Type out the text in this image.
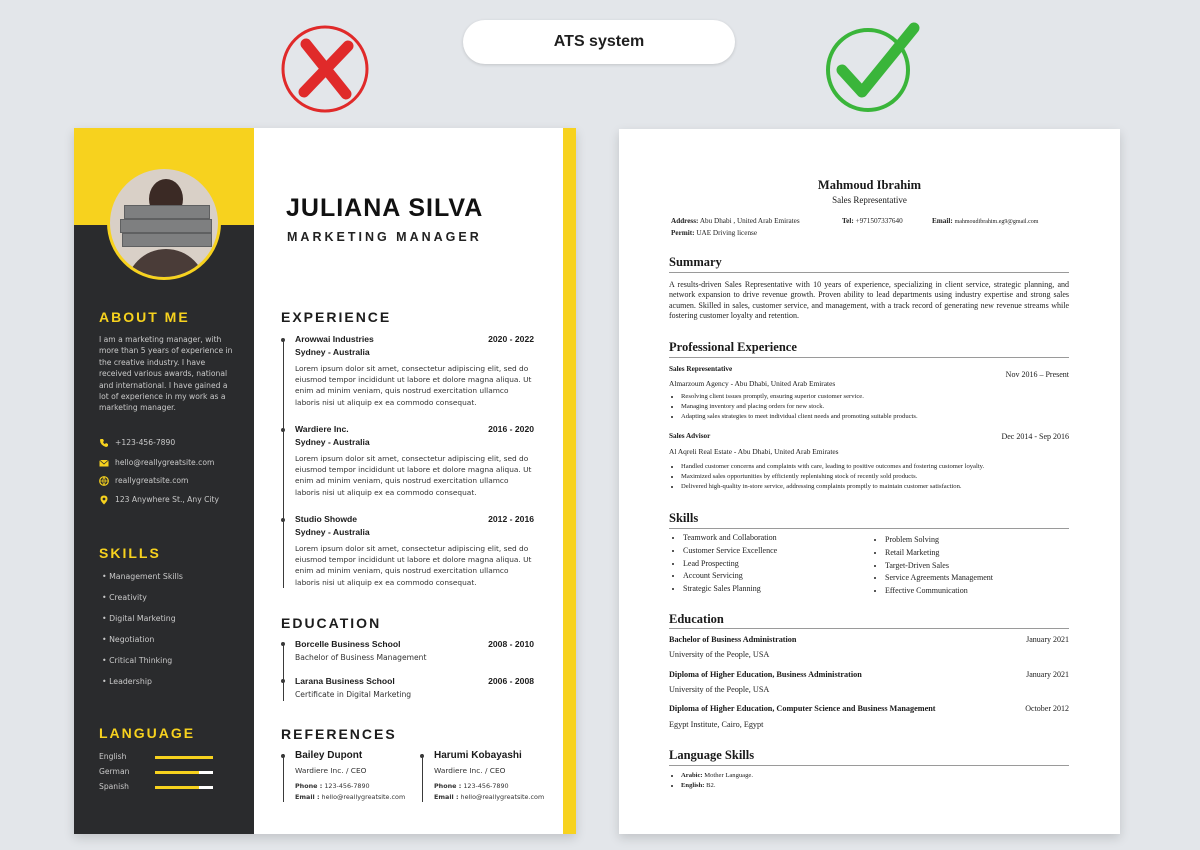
ATS system
ABOUT ME
I am a marketing manager, with more than 5 years of experience in the creative industry. I have received various awards, national and international. I have gained a lot of experience in my work as a marketing manager.
+123-456-7890
hello@reallygreatsite.com
reallygreatsite.com
123 Anywhere St., Any City
SKILLS
• Management Skills
• Creativity
• Digital Marketing
• Negotiation
• Critical Thinking
• Leadership
LANGUAGE
English
German
Spanish
JULIANA SILVA
MARKETING MANAGER
EXPERIENCE
Arowwai Industries	2020 - 2022
Sydney - Australia
Lorem ipsum dolor sit amet, consectetur adipiscing elit, sed do eiusmod tempor incididunt ut labore et dolore magna aliqua. Ut enim ad minim veniam, quis nostrud exercitation ullamco laboris nisi ut aliquip ex ea commodo consequat.
Wardiere Inc.	2016 - 2020
Sydney - Australia
Lorem ipsum dolor sit amet, consectetur adipiscing elit, sed do eiusmod tempor incididunt ut labore et dolore magna aliqua. Ut enim ad minim veniam, quis nostrud exercitation ullamco laboris nisi ut aliquip ex ea commodo consequat.
Studio Showde	2012 - 2016
Sydney - Australia
Lorem ipsum dolor sit amet, consectetur adipiscing elit, sed do eiusmod tempor incididunt ut labore et dolore magna aliqua. Ut enim ad minim veniam, quis nostrud exercitation ullamco laboris nisi ut aliquip ex ea commodo consequat.
EDUCATION
Borcelle Business School	2008 - 2010
Bachelor of Business Management
Larana Business School	2006 - 2008
Certificate in Digital Marketing
REFERENCES
Bailey Dupont
Wardiere Inc. / CEO
Phone : 123-456-7890
Email : hello@reallygreatsite.com
Harumi Kobayashi
Wardiere Inc. / CEO
Phone : 123-456-7890
Email : hello@reallygreatsite.com
Mahmoud Ibrahim
Sales Representative
Address: Abu Dhabi , United Arab Emirates	Tel: +971507337640	Email: mahmoudibrahim.eg9@gmail.com
Permit: UAE Driving license
Summary
A results-driven Sales Representative with 10 years of experience, specializing in client service, strategic planning, and network expansion to drive revenue growth. Proven ability to lead departments using industry expertise and strong sales acumen. Skilled in sales, customer service, and management, with a track record of generating new revenue streams while fostering customer loyalty and retention.
Professional Experience
Sales Representative
Nov 2016 – Present
Almarzoum Agency - Abu Dhabi, United Arab Emirates
• Resolving client issues promptly, ensuring superior customer service.
• Managing inventory and placing orders for new stock.
• Adapting sales strategies to meet individual client needs and promoting suitable products.
Sales Advisor	Dec 2014 - Sep 2016
Al Aqreli Real Estate - Abu Dhabi, United Arab Emirates
• Handled customer concerns and complaints with care, leading to positive outcomes and fostering customer loyalty.
• Maximized sales opportunities by efficiently replenishing stock of recently sold products.
• Delivered high-quality in-store service, addressing complaints promptly to maintain customer satisfaction.
Skills
• Teamwork and Collaboration
• Customer Service Excellence
• Lead Prospecting
• Account Servicing
• Strategic Sales Planning
• Problem Solving
• Retail Marketing
• Target-Driven Sales
• Service Agreements Management
• Effective Communication
Education
Bachelor of Business Administration	January 2021
University of the People, USA
Diploma of Higher Education, Business Administration	January 2021
University of the People, USA
Diploma of Higher Education, Computer Science and Business Management	October 2012
Egypt Institute, Cairo, Egypt
Language Skills
• Arabic: Mother Language.
• English: B2.
